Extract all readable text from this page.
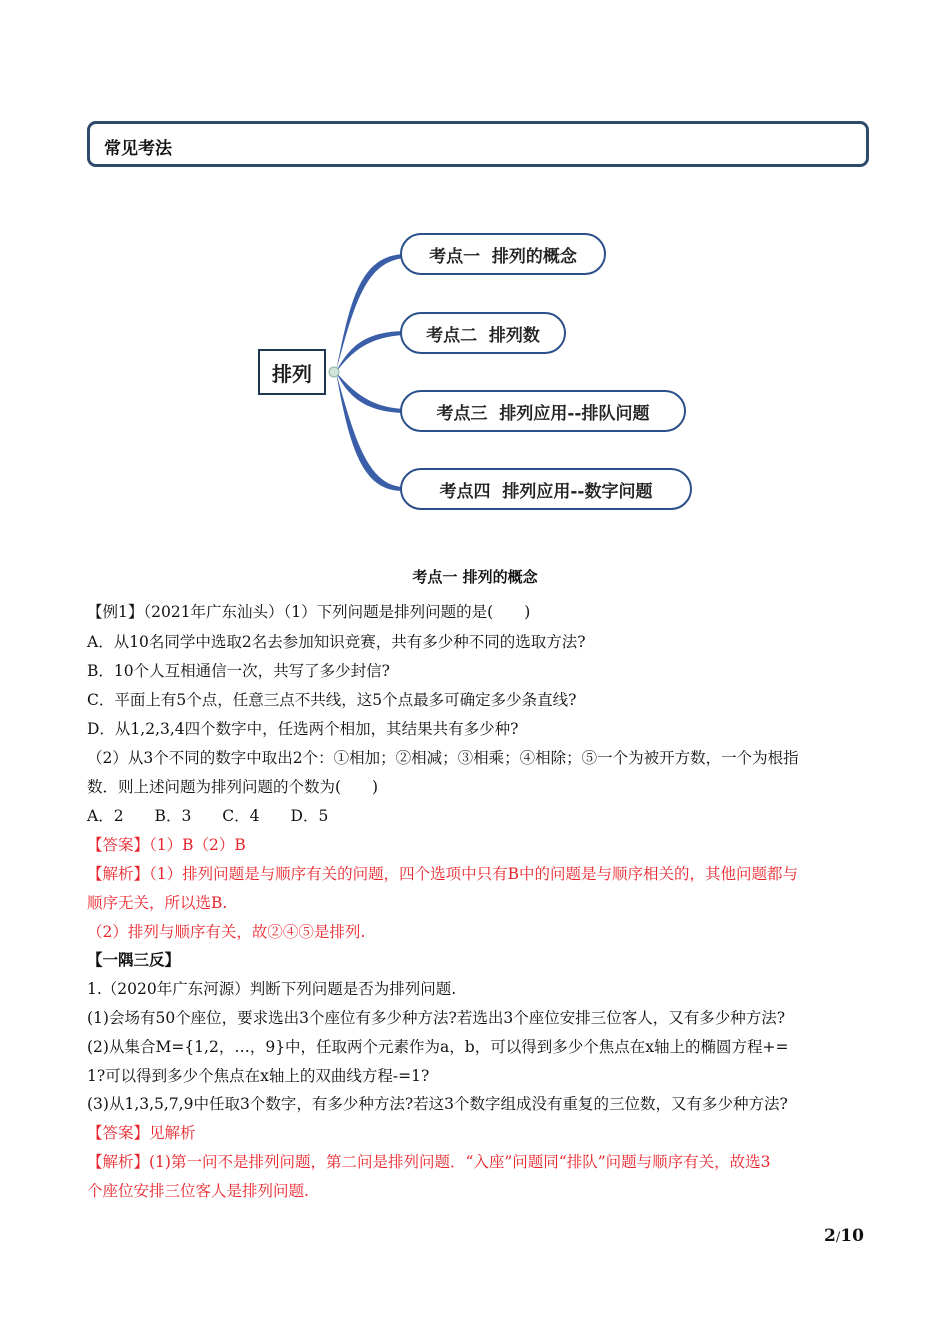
常见考法
排列
考点一  排列的概念
考点二  排列数
考点三  排列应用--排队问题
考点四  排列应用--数字问题
考点一 排列的概念
【例1】（2021年广东汕头）（1）下列问题是排列问题的是(　　)
A．从10名同学中选取2名去参加知识竞赛，共有多少种不同的选取方法?
B．10个人互相通信一次，共写了多少封信?
C．平面上有5个点，任意三点不共线，这5个点最多可确定多少条直线?
D．从1,2,3,4四个数字中，任选两个相加，其结果共有多少种?
（2）从3个不同的数字中取出2个：①相加；②相减；③相乘；④相除；⑤一个为被开方数，一个为根指
数．则上述问题为排列问题的个数为(　　)
A．2　　B．3　　C．4　　D．5
【答案】（1）B（2）B
【解析】（1）排列问题是与顺序有关的问题，四个选项中只有B中的问题是与顺序相关的，其他问题都与
顺序无关，所以选B.
（2）排列与顺序有关，故②④⑤是排列.
【一隅三反】
1.（2020年广东河源）判断下列问题是否为排列问题.
(1)会场有50个座位，要求选出3个座位有多少种方法?若选出3个座位安排三位客人，又有多少种方法?
(2)从集合M={1,2，…，9}中，任取两个元素作为a，b，可以得到多少个焦点在x轴上的椭圆方程+=
1?可以得到多少个焦点在x轴上的双曲线方程-=1?
(3)从1,3,5,7,9中任取3个数字，有多少种方法?若这3个数字组成没有重复的三位数，又有多少种方法?
【答案】见解析
【解析】(1)第一问不是排列问题，第二问是排列问题．“入座”问题同“排队”问题与顺序有关，故选3
个座位安排三位客人是排列问题.
2/10
